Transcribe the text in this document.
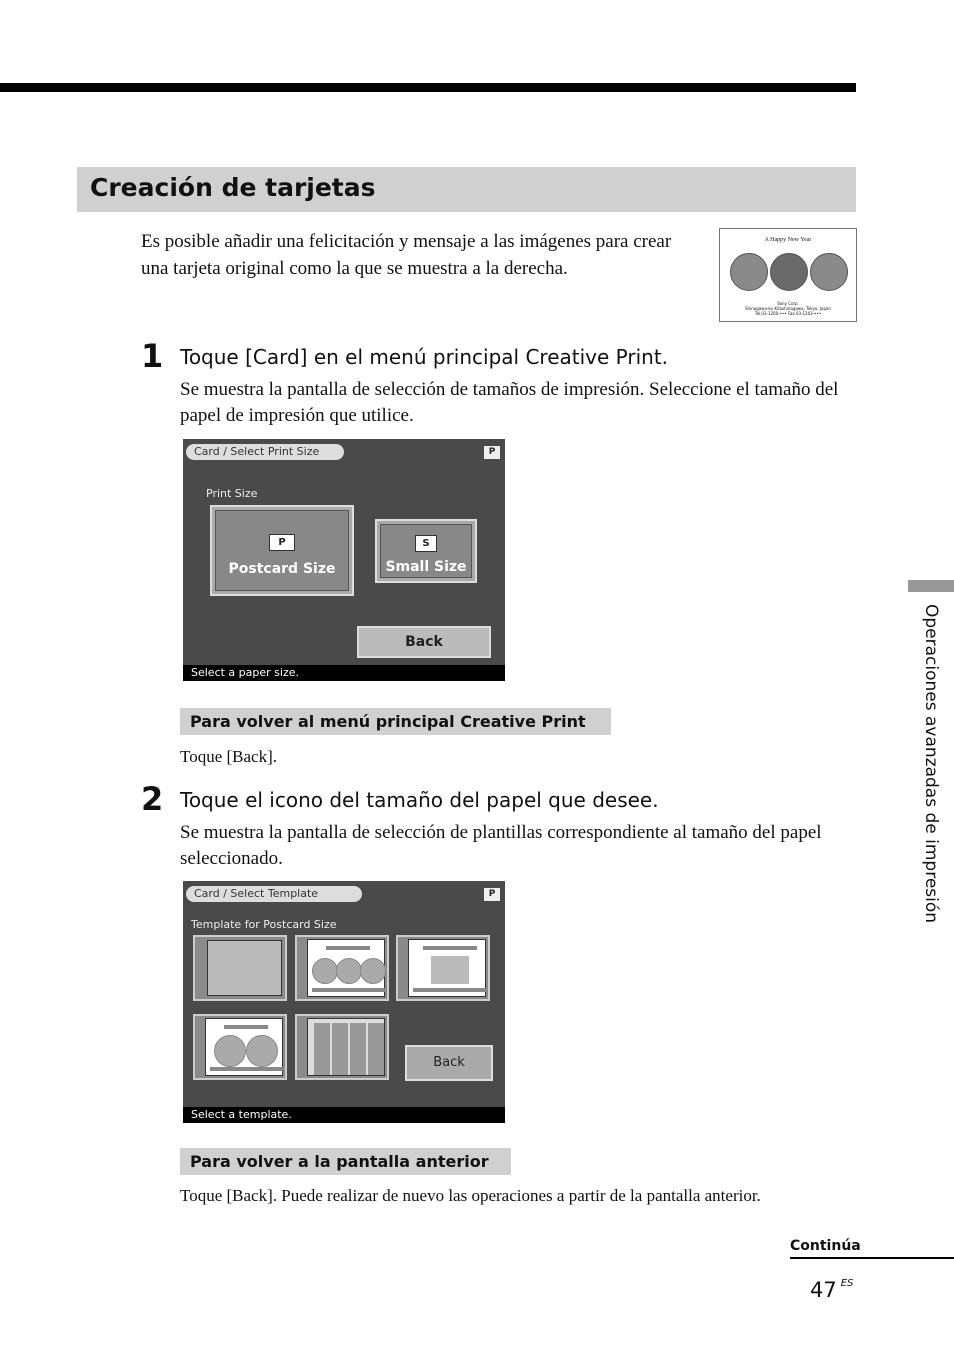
Creación de tarjetas

Es posible añadir una felicitación y mensaje a las imágenes para crear una tarjeta original como la que se muestra a la derecha.

A Happy New Year
Sony Corp.
Shinagawa-ku Kitashinagawa, Tokyo, Japan
Tel.03-1200-••• Fax.03-1203-•••
1 Toque [Card] en el menú principal Creative Print.

Se muestra la pantalla de selección de tamaños de impresión. Seleccione el tamaño del papel de impresión que utilice.

Card / Select Print Size	P
Print Size
P
Postcard Size
S
Small Size
Back
Select a paper size.
Para volver al menú principal Creative Print

Toque [Back].

2 Toque el icono del tamaño del papel que desee.

Se muestra la pantalla de selección de plantillas correspondiente al tamaño del papel seleccionado.

Card / Select Template	P
Template for Postcard Size
Back
Select a template.
Para volver a la pantalla anterior

Toque [Back]. Puede realizar de nuevo las operaciones a partir de la pantalla anterior.

Operaciones avanzadas de impresión
Continúa
47 $^{ES}$
